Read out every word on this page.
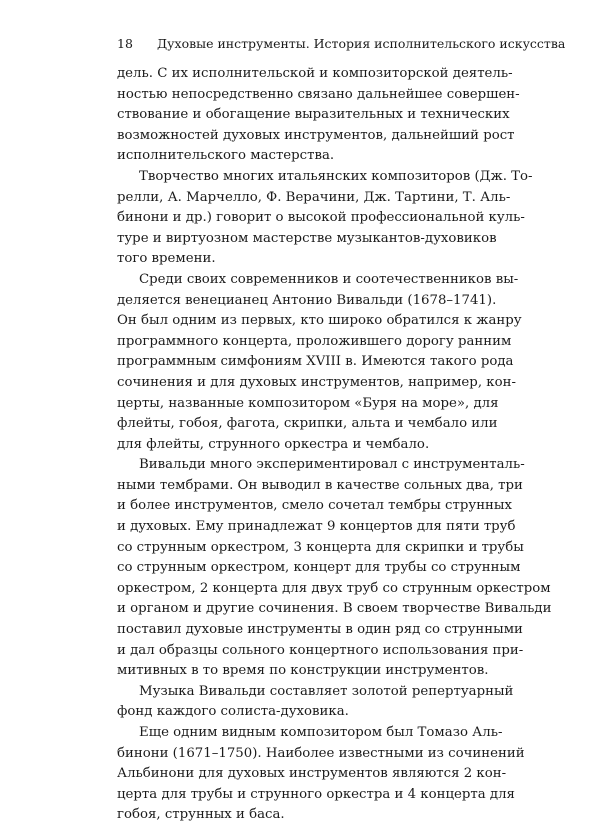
18 Духовые инструменты. История исполнительского искусства

дель. С их исполнительской и композиторской деятель-
ностью непосредственно связано дальнейшее совершен-
ствование и обогащение выразительных и технических
возможностей духовых инструментов, дальнейший рост
исполнительского мастерства.

Творчество многих итальянских композиторов (Дж. То-
релли, А. Марчелло, Ф. Верачини, Дж. Тартини, Т. Аль-
бинони и др.) говорит о высокой профессиональной куль-
туре и виртуозном мастерстве музыкантов-духовиков
того времени.

Среди своих современников и соотечественников вы-
деляется венецианец Антонио Вивальди (1678–1741).
Он был одним из первых, кто широко обратился к жанру
программного концерта, проложившего дорогу ранним
программным симфониям XVIII в. Имеются такого рода
сочинения и для духовых инструментов, например, кон-
церты, названные композитором «Буря на море», для
флейты, гобоя, фагота, скрипки, альта и чембало или
для флейты, струнного оркестра и чембало.

Вивальди много экспериментировал с инструменталь-
ными тембрами. Он выводил в качестве сольных два, три
и более инструментов, смело сочетал тембры струнных
и духовых. Ему принадлежат 9 концертов для пяти труб
со струнным оркестром, 3 концерта для скрипки и трубы
со струнным оркестром, концерт для трубы со струнным
оркестром, 2 концерта для двух труб со струнным оркестром
и органом и другие сочинения. В своем творчестве Вивальди
поставил духовые инструменты в один ряд со струнными
и дал образцы сольного концертного использования при-
митивных в то время по конструкции инструментов.

Музыка Вивальди составляет золотой репертуарный
фонд каждого солиста-духовика.

Еще одним видным композитором был Томазо Аль-
бинони (1671–1750). Наиболее известными из сочинений
Альбинони для духовых инструментов являются 2 кон-
церта для трубы и струнного оркестра и 4 концерта для
гобоя, струнных и баса.
